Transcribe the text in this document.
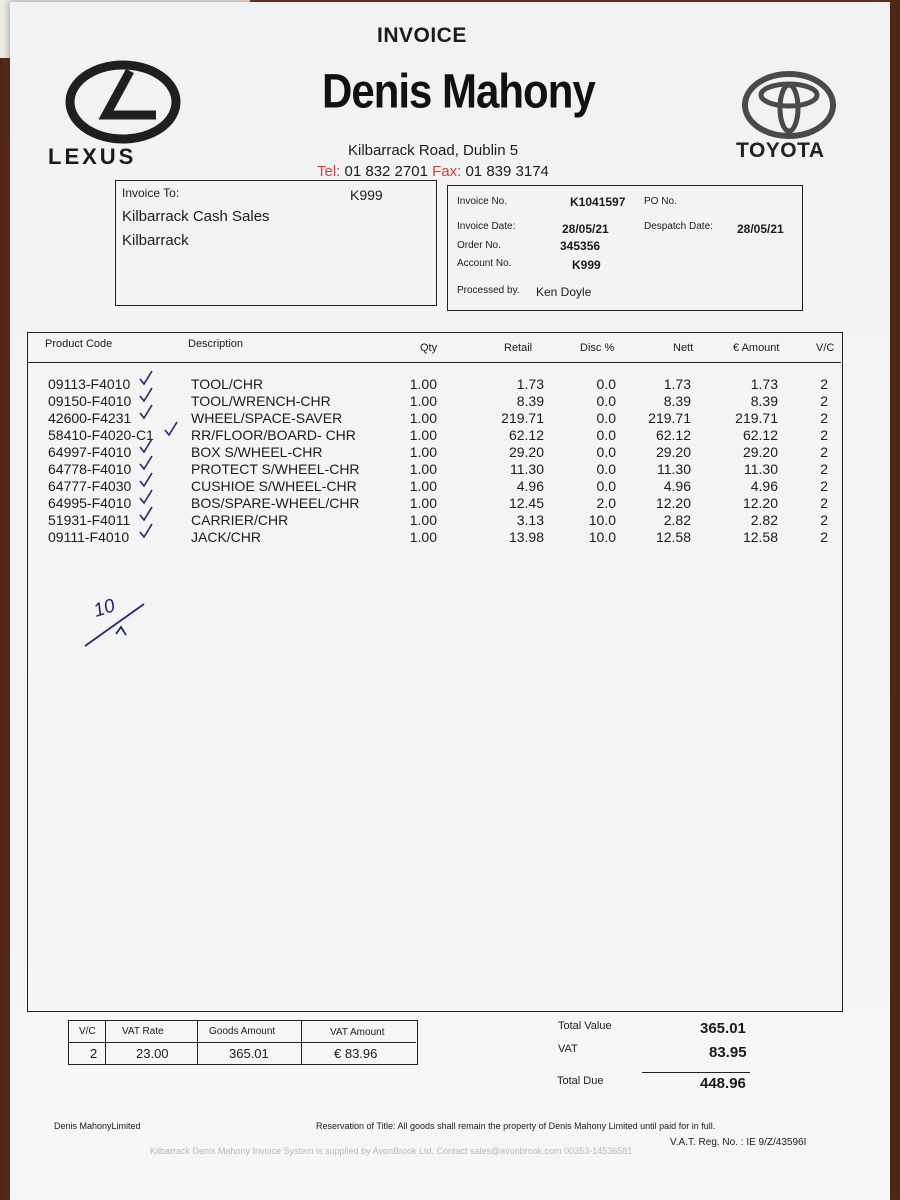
INVOICE
Denis Mahony
Kilbarrack Road, Dublin 5
Tel: 01 832 2701 Fax: 01 839 3174
LEXUS	TOYOTA
Invoice To:	K999
Kilbarrack Cash Sales
Kilbarrack
Invoice No.	K1041597 PO No.
Invoice Date:	28/05/21	Despatch Date: 28/05/21
Order No.	345356
Account No.	K999
Processed by. Ken Doyle
Product Code	Description	Qty	Retail	Disc %	Nett	€ Amount	V/C
09113-F4010	TOOL/CHR	1.00	1.73	0.0	1.73	1.73	2
09150-F4010	TOOL/WRENCH-CHR	1.00	8.39	0.0	8.39	8.39	2
42600-F4231	WHEEL/SPACE-SAVER	1.00	219.71	0.0	219.71	219.71	2
58410-F4020-C1	RR/FLOOR/BOARD- CHR	1.00	62.12	0.0	62.12	62.12	2
64997-F4010	BOX S/WHEEL-CHR	1.00	29.20	0.0	29.20	29.20	2
64778-F4010	PROTECT S/WHEEL-CHR	1.00	11.30	0.0	11.30	11.30	2
64777-F4030	CUSHIOE S/WHEEL-CHR	1.00	4.96	0.0	4.96	4.96	2
64995-F4010	BOS/SPARE-WHEEL/CHR	1.00	12.45	2.0	12.20	12.20	2
51931-F4011	CARRIER/CHR	1.00	3.13	10.0	2.82	2.82	2
09111-F4010	JACK/CHR	1.00	13.98	10.0	12.58	12.58	2
10
V/C	VAT Rate	Goods Amount	VAT Amount
2	23.00	365.01	€ 83.96
Total Value	365.01
VAT	83.95
Total Due	448.96
Denis MahonyLimited	Reservation of Title: All goods shall remain the property of Denis Mahony Limited until paid for in full.
V.A.T. Reg. No. : IE 9/Z/43596I
Kilbarrack Denis Mahony Invoice System is supplied by AvonBrook Ltd. Contact sales@avonbrook.com 00353-14536581
